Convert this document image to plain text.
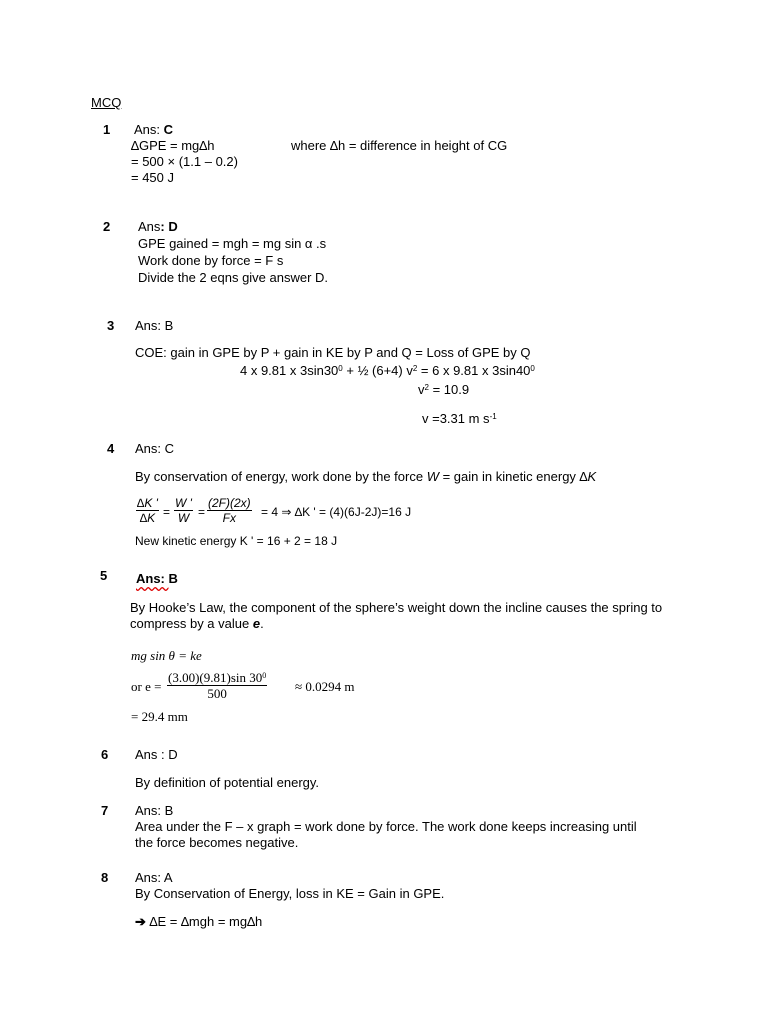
MCQ
1 Ans: C
∆GPE = mg∆h	where ∆h = difference in height of CG
= 500 × (1.1 – 0.2)
= 450 J
2 Ans: D
GPE gained = mgh = mg sin α .s
Work done by force = F s
Divide the 2 eqns give answer D.
3 Ans: B
COE: gain in GPE by P + gain in KE by P and Q = Loss of GPE by Q
4 x 9.81 x $3\sin 30^0$ + ½ (6+4) $v^2 = 6$ x 9.81 x $3\sin 40^0$
$v^2 = 10.9$
v =3.31 m $s^{-1}$
4 Ans: C
By conservation of energy, work done by the force W = gain in kinetic energy ∆K
$\frac{\Delta K '}{\Delta K} = \frac{W '}{W} = \frac{(2F)(2x)}{Fx} = 4$ ⇒ ∆K ' = (4)(6J-2J)=16 J
New kinetic energy K ' = 16 + 2 = 18 J
5 Ans: B
By Hooke’s Law, the component of the sphere’s weight down the incline causes the spring to
compress by a value e.
mg sin θ = ke
or $e = \frac{(3.00)(9.81)\sin 30^0}{500} \approx 0.0294$ m
= 29.4 mm
6 Ans : D
By definition of potential energy.
7 Ans: B
Area under the F – x graph = work done by force. The work done keeps increasing until
the force becomes negative.
8 Ans: A
By Conservation of Energy, loss in KE = Gain in GPE.
➔ ∆E = ∆mgh = mg∆h
